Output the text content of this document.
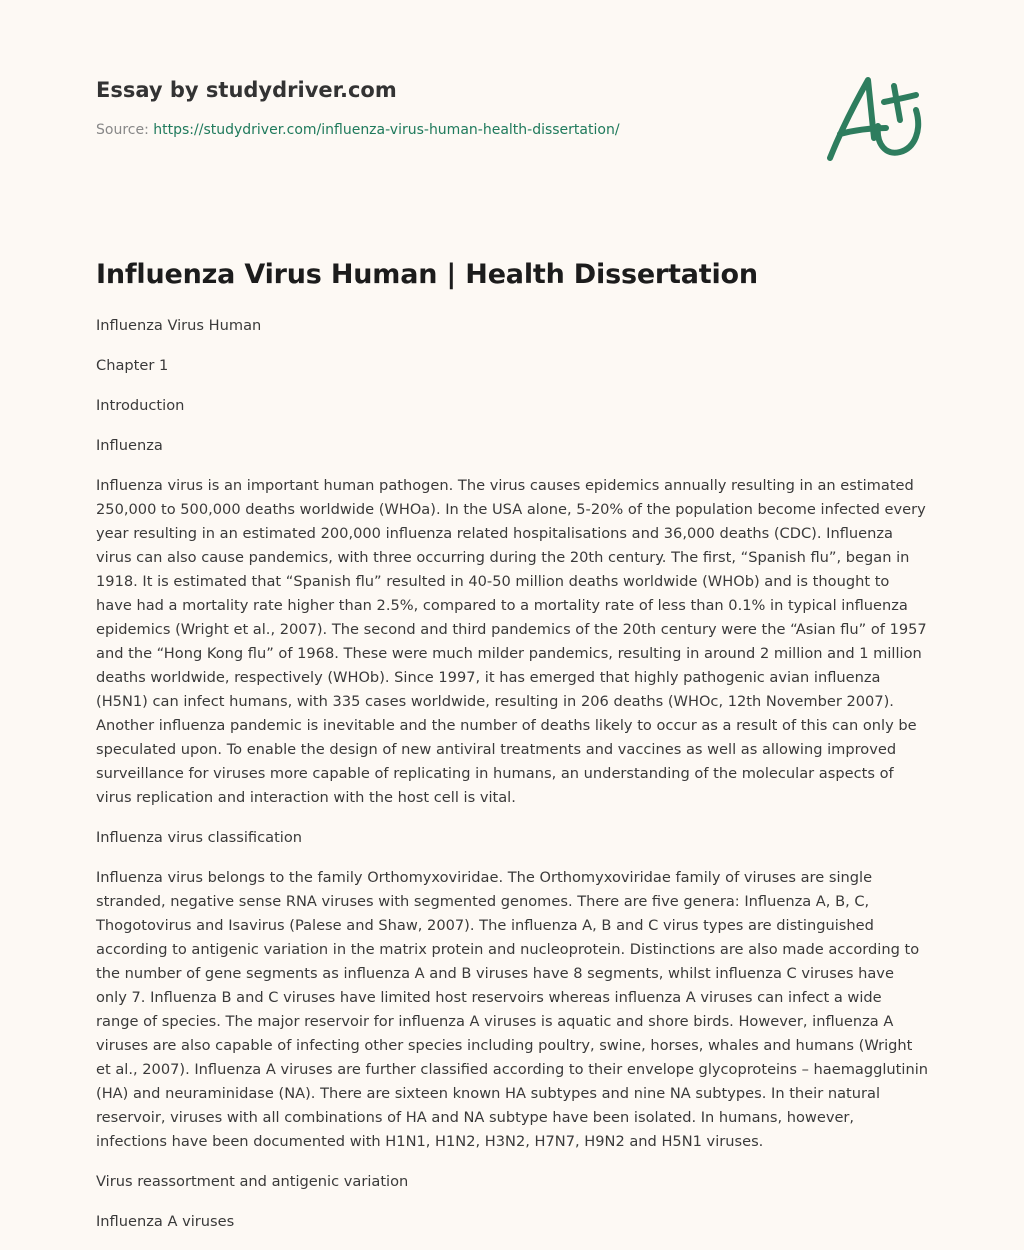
Essay by studydriver.com
Source: https://studydriver.com/influenza-virus-human-health-dissertation/
Influenza Virus Human | Health Dissertation

Influenza Virus Human

Chapter 1

Introduction

Influenza

Influenza virus is an important human pathogen. The virus causes epidemics annually resulting in an estimated 250,000 to 500,000 deaths worldwide (WHOa). In the USA alone, 5-20% of the population become infected every year resulting in an estimated 200,000 influenza related hospitalisations and 36,000 deaths (CDC). Influenza virus can also cause pandemics, with three occurring during the 20th century. The first, “Spanish flu”, began in 1918. It is estimated that “Spanish flu” resulted in 40-50 million deaths worldwide (WHOb) and is thought to have had a mortality rate higher than 2.5%, compared to a mortality rate of less than 0.1% in typical influenza epidemics (Wright et al., 2007). The second and third pandemics of the 20th century were the “Asian flu” of 1957 and the “Hong Kong flu” of 1968. These were much milder pandemics, resulting in around 2 million and 1 million deaths worldwide, respectively (WHOb). Since 1997, it has emerged that highly pathogenic avian influenza (H5N1) can infect humans, with 335 cases worldwide, resulting in 206 deaths (WHOc, 12th November 2007). Another influenza pandemic is inevitable and the number of deaths likely to occur as a result of this can only be speculated upon. To enable the design of new antiviral treatments and vaccines as well as allowing improved surveillance for viruses more capable of replicating in humans, an understanding of the molecular aspects of virus replication and interaction with the host cell is vital.

Influenza virus classification

Influenza virus belongs to the family Orthomyxoviridae. The Orthomyxoviridae family of viruses are single stranded, negative sense RNA viruses with segmented genomes. There are five genera: Influenza A, B, C, Thogotovirus and Isavirus (Palese and Shaw, 2007). The influenza A, B and C virus types are distinguished according to antigenic variation in the matrix protein and nucleoprotein. Distinctions are also made according to the number of gene segments as influenza A and B viruses have 8 segments, whilst influenza C viruses have only 7. Influenza B and C viruses have limited host reservoirs whereas influenza A viruses can infect a wide range of species. The major reservoir for influenza A viruses is aquatic and shore birds. However, influenza A viruses are also capable of infecting other species including poultry, swine, horses, whales and humans (Wright et al., 2007). Influenza A viruses are further classified according to their envelope glycoproteins – haemagglutinin (HA) and neuraminidase (NA). There are sixteen known HA subtypes and nine NA subtypes. In their natural reservoir, viruses with all combinations of HA and NA subtype have been isolated. In humans, however, infections have been documented with H1N1, H1N2, H3N2, H7N7, H9N2 and H5N1 viruses.

Virus reassortment and antigenic variation

Influenza A viruses
